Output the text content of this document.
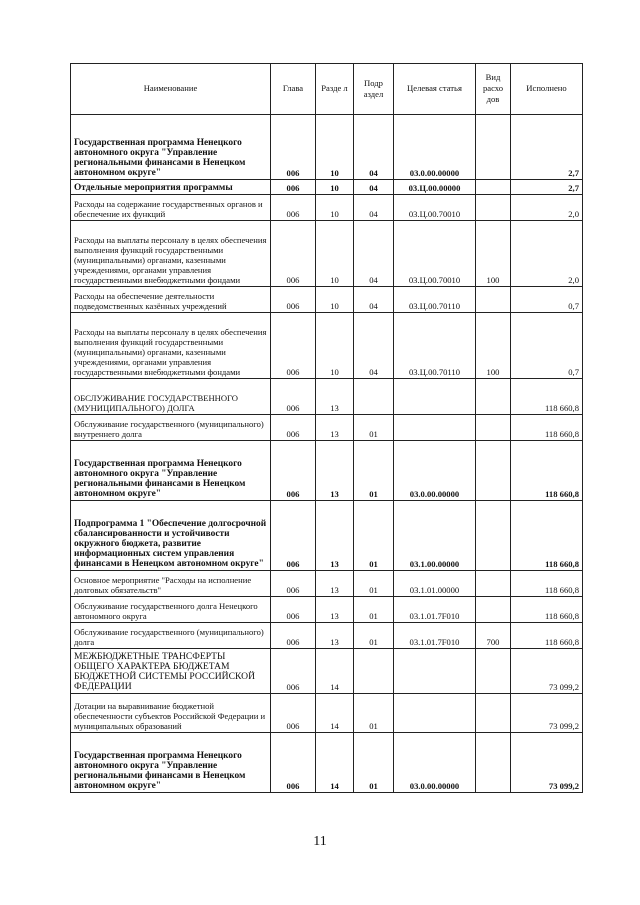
Наименование	Глава	Разде л	Подр аздел	Целевая статья	Вид расхо дов	Исполнено
Государственная программа Ненецкого автономного округа "Управление региональными финансами в Ненецком автономном округе"	006	10	04	03.0.00.00000		2,7
Отдельные мероприятия программы	006	10	04	03.Ц.00.00000		2,7
Расходы на содержание государственных органов и обеспечение их функций	006	10	04	03.Ц.00.70010		2,0
Расходы на выплаты персоналу в целях обеспечения выполнения функций государственными (муниципальными) органами, казенными учреждениями, органами управления государственными внебюджетными фондами	006	10	04	03.Ц.00.70010	100	2,0
Расходы на обеспечение деятельности подведомственных казённых учреждений	006	10	04	03.Ц.00.70110		0,7
Расходы на выплаты персоналу в целях обеспечения выполнения функций государственными (муниципальными) органами, казенными учреждениями, органами управления государственными внебюджетными фондами	006	10	04	03.Ц.00.70110	100	0,7
ОБСЛУЖИВАНИЕ ГОСУДАРСТВЕННОГО (МУНИЦИПАЛЬНОГО) ДОЛГА	006	13				118 660,8
Обслуживание государственного (муниципального) внутреннего долга	006	13	01			118 660,8
Государственная программа Ненецкого автономного округа "Управление региональными финансами в Ненецком автономном округе"	006	13	01	03.0.00.00000		118 660,8
Подпрограмма 1 "Обеспечение долгосрочной сбалансированности и устойчивости окружного бюджета, развитие информационных систем управления финансами в Ненецком автономном округе"	006	13	01	03.1.00.00000		118 660,8
Основное мероприятие "Расходы на исполнение долговых обязательств"	006	13	01	03.1.01.00000		118 660,8
Обслуживание государственного долга Ненецкого автономного округа	006	13	01	03.1.01.7F010		118 660,8
Обслуживание государственного (муниципального) долга	006	13	01	03.1.01.7F010	700	118 660,8
МЕЖБЮДЖЕТНЫЕ ТРАНСФЕРТЫ ОБЩЕГО ХАРАКТЕРА БЮДЖЕТАМ БЮДЖЕТНОЙ СИСТЕМЫ РОССИЙСКОЙ ФЕДЕРАЦИИ	006	14				73 099,2
Дотации на выравнивание бюджетной обеспеченности субъектов Российской Федерации и муниципальных образований	006	14	01			73 099,2
Государственная программа Ненецкого автономного округа "Управление региональными финансами в Ненецком автономном округе"	006	14	01	03.0.00.00000		73 099,2
11
